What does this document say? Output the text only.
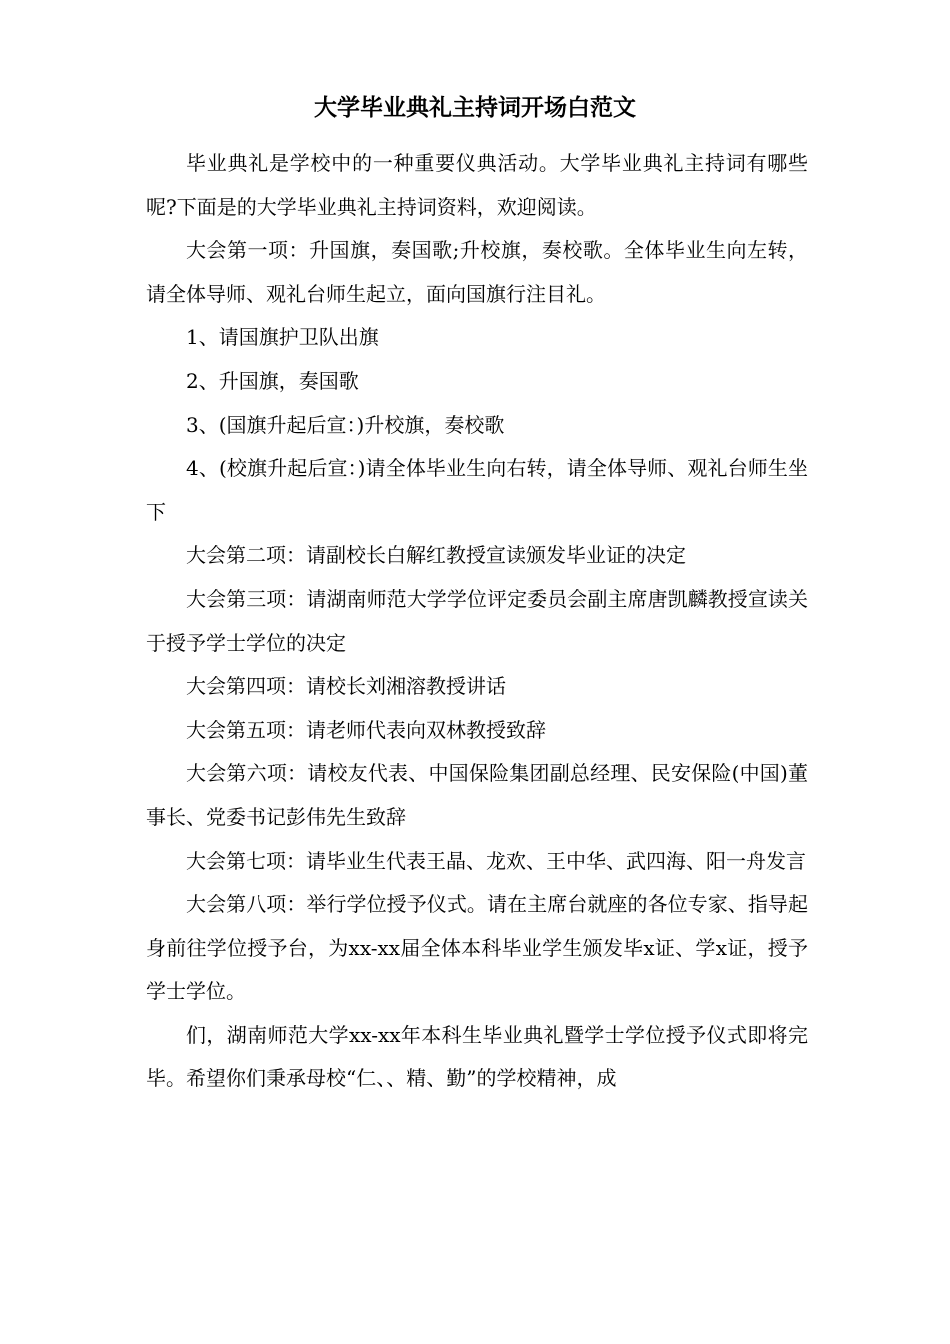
大学毕业典礼主持词开场白范文

毕业典礼是学校中的一种重要仪典活动。大学毕业典礼主持词有哪些呢?下面是的大学毕业典礼主持词资料，欢迎阅读。

大会第一项：升国旗，奏国歌;升校旗，奏校歌。全体毕业生向左转，请全体导师、观礼台师生起立，面向国旗行注目礼。

1、请国旗护卫队出旗

2、升国旗，奏国歌

3、(国旗升起后宣：)升校旗，奏校歌

4、(校旗升起后宣：)请全体毕业生向右转，请全体导师、观礼台师生坐下

大会第二项：请副校长白解红教授宣读颁发毕业证的决定

大会第三项：请湖南师范大学学位评定委员会副主席唐凯麟教授宣读关于授予学士学位的决定

大会第四项：请校长刘湘溶教授讲话

大会第五项：请老师代表向双林教授致辞

大会第六项：请校友代表、中国保险集团副总经理、民安保险(中国)董事长、党委书记彭伟先生致辞

大会第七项：请毕业生代表王晶、龙欢、王中华、武四海、阳一舟发言

大会第八项：举行学位授予仪式。请在主席台就座的各位专家、指导起身前往学位授予台，为xx-xx届全体本科毕业学生颁发毕x证、学x证，授予学士学位。

们，湖南师范大学xx-xx年本科生毕业典礼暨学士学位授予仪式即将完毕。希望你们秉承母校“仁、、精、勤”的学校精神，成
